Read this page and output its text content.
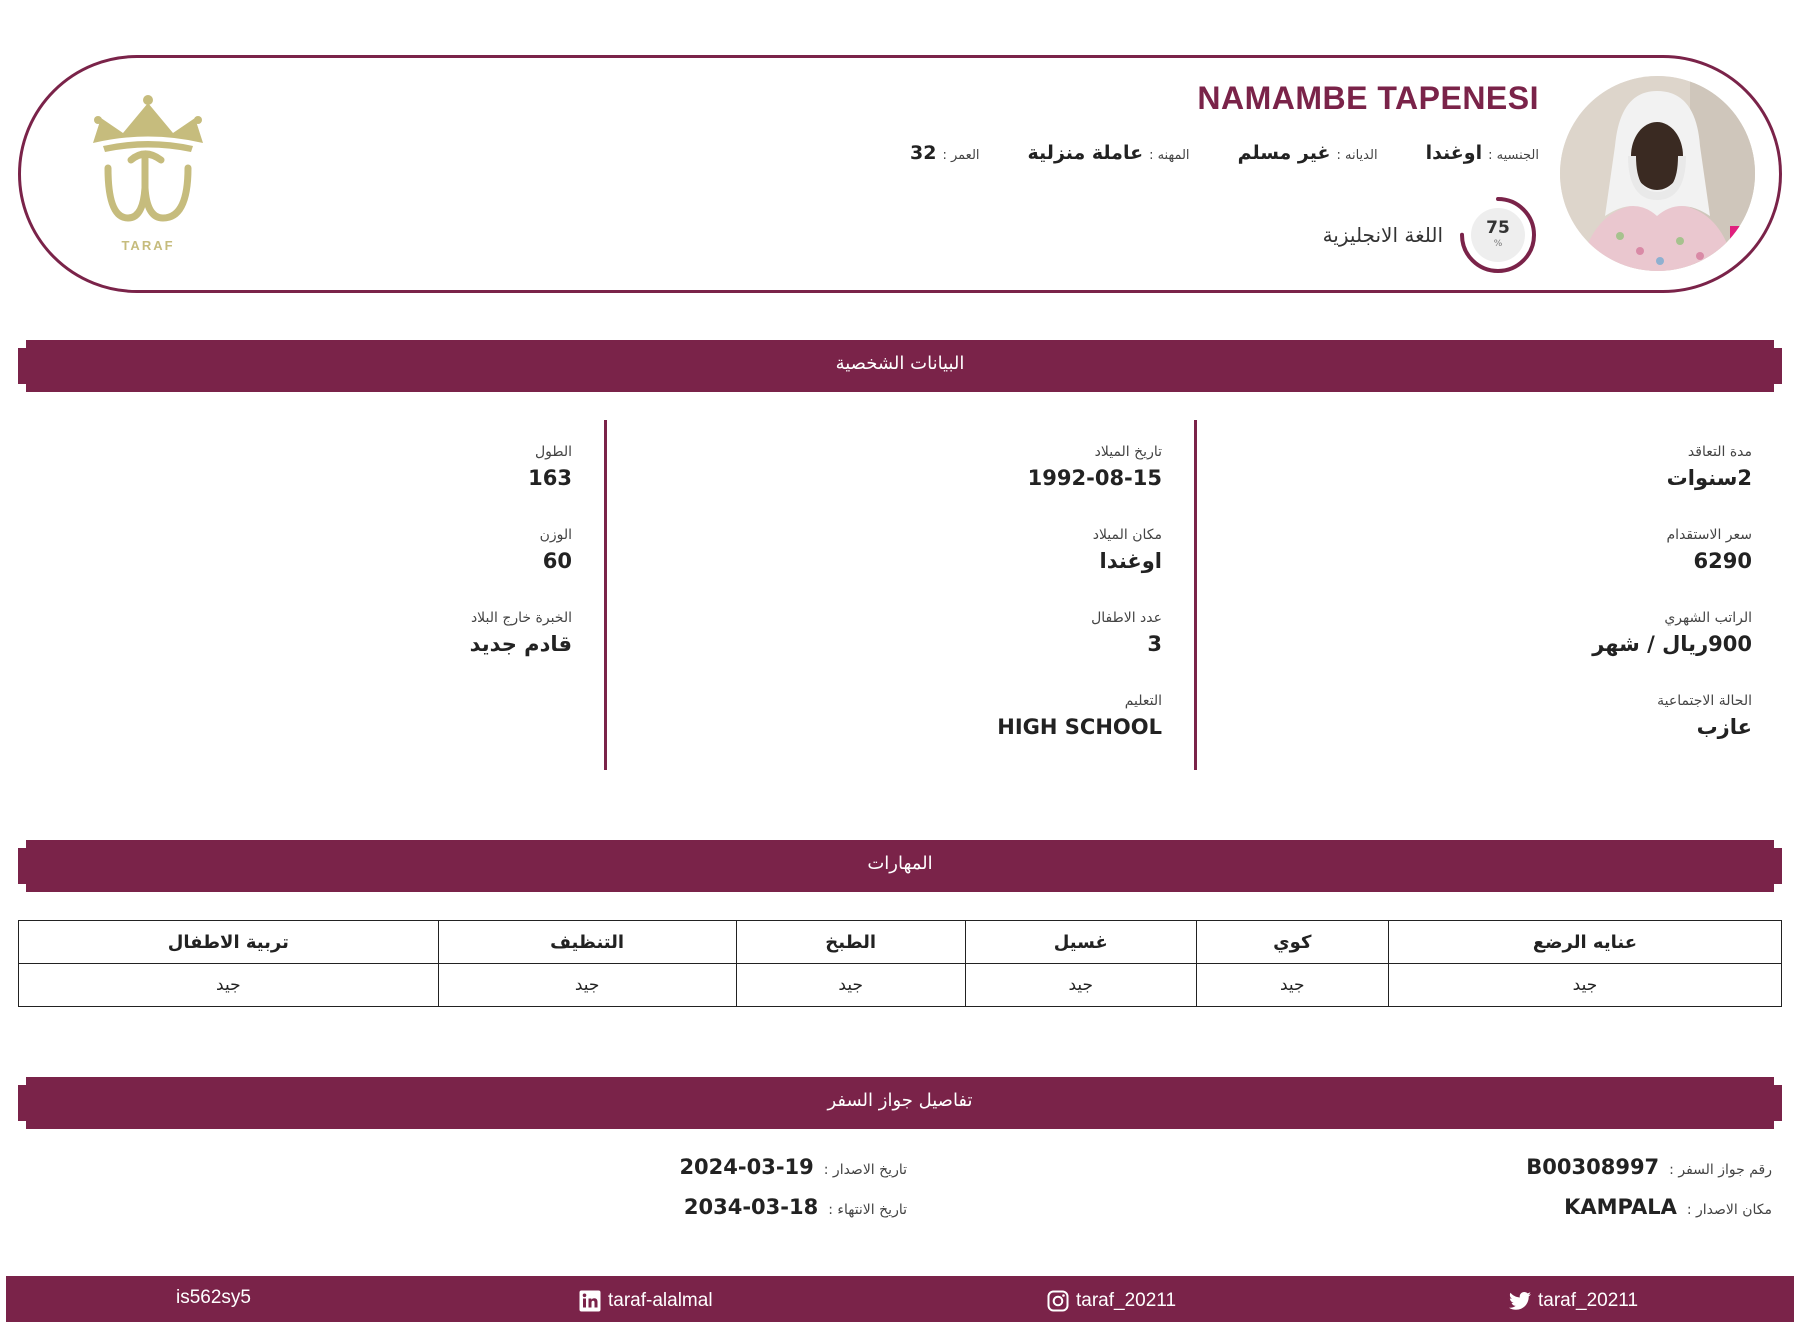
NAMAMBE TAPENESI
الجنسيه :
اوغندا
الديانه :
غير مسلم
المهنه :
عاملة منزلية
العمر :
32
75
%
اللغة الانجليزية
TARAF
البيانات الشخصية
مدة التعاقد
2سنوات
سعر الاستقدام
6290
الراتب الشهري
900ريال / شهر
الحالة الاجتماعية
عازب
تاريخ الميلاد
1992-08-15
مكان الميلاد
اوغندا
عدد الاطفال
3
التعليم
HIGH SCHOOL
الطول
163
الوزن
60
الخبرة خارج البلاد
قادم جديد
المهارات
عنايه الرضع	كوي	غسيل	الطبخ	التنظيف	تربية الاطفال
جيد	جيد	جيد	جيد	جيد	جيد
تفاصيل جواز السفر
رقم جواز السفر :
B00308997
مكان الاصدار :
KAMPALA
تاريخ الاصدار :
2024-03-19
تاريخ الانتهاء :
2034-03-18
taraf_20211
taraf_20211
taraf-alalmal
is562sy5
